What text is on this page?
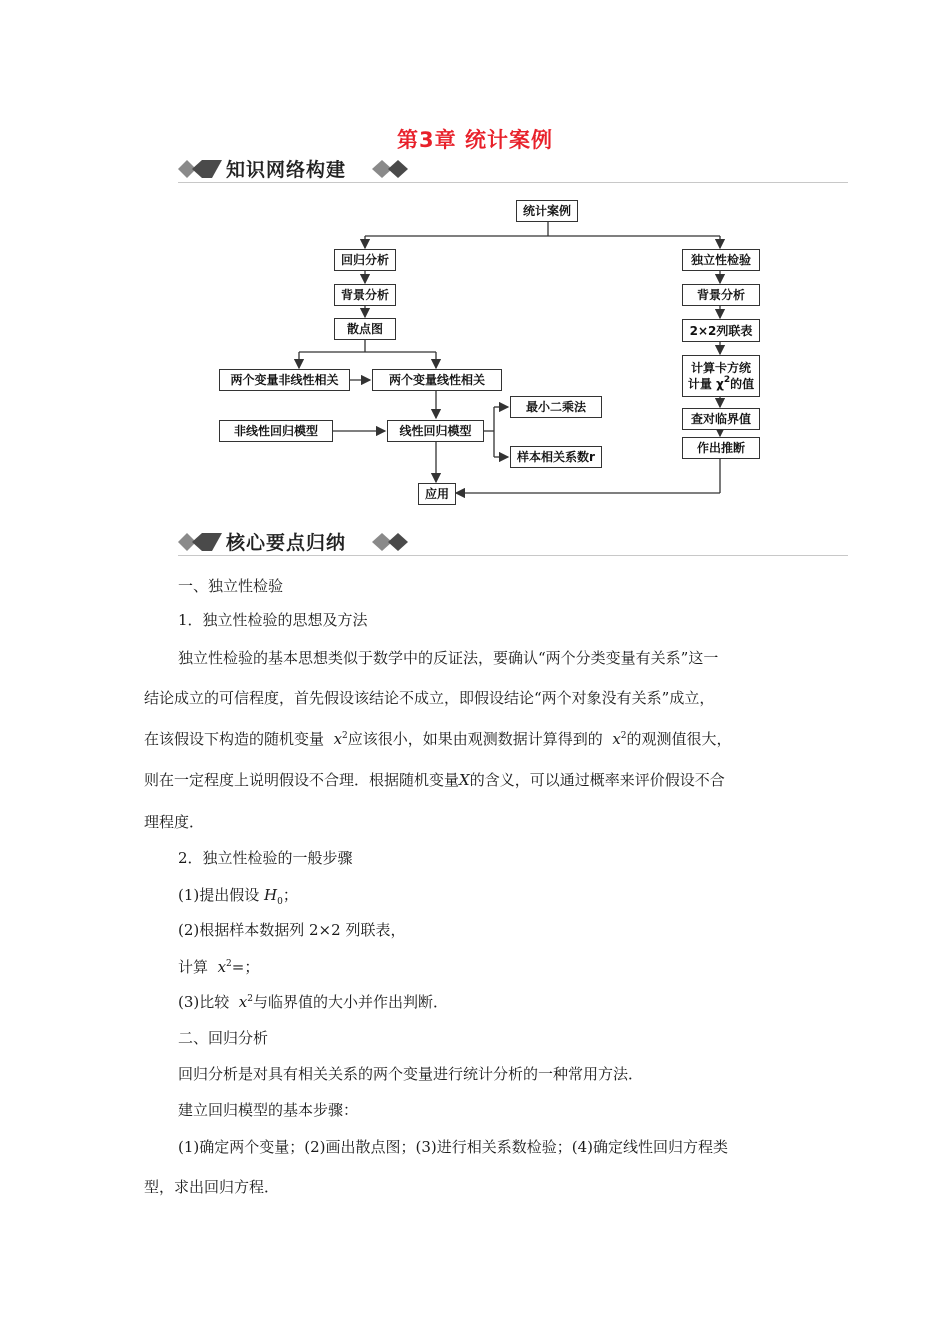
第3章 统计案例
知识网络构建
统计案例
回归分析
背景分析
散点图
两个变量非线性相关	两个变量线性相关
非线性回归模型	线性回归模型
最小二乘法
样本相关系数r
应用
独立性检验
背景分析
2×2列联表
计算卡方统
计量 $\chi^2$的值
查对临界值
作出推断
核心要点归纳
一、独立性检验
1．独立性检验的思想及方法
独立性检验的基本思想类似于数学中的反证法，要确认“两个分类变量有关系”这一
结论成立的可信程度，首先假设该结论不成立，即假设结论“两个对象没有关系”成立，
在该假设下构造的随机变量 $x^2$应该很小，如果由观测数据计算得到的 $x^2$的观测值很大，
则在一定程度上说明假设不合理．根据随机变量X的含义，可以通过概率来评价假设不合
理程度．
2．独立性检验的一般步骤
(1)提出假设 $H_0$；
(2)根据样本数据列 2×2 列联表，
计算 $x^2=$；
(3)比较 $x^2$与临界值的大小并作出判断．
二、回归分析
回归分析是对具有相关关系的两个变量进行统计分析的一种常用方法．
建立回归模型的基本步骤：
(1)确定两个变量；(2)画出散点图；(3)进行相关系数检验；(4)确定线性回归方程类
型，求出回归方程．
